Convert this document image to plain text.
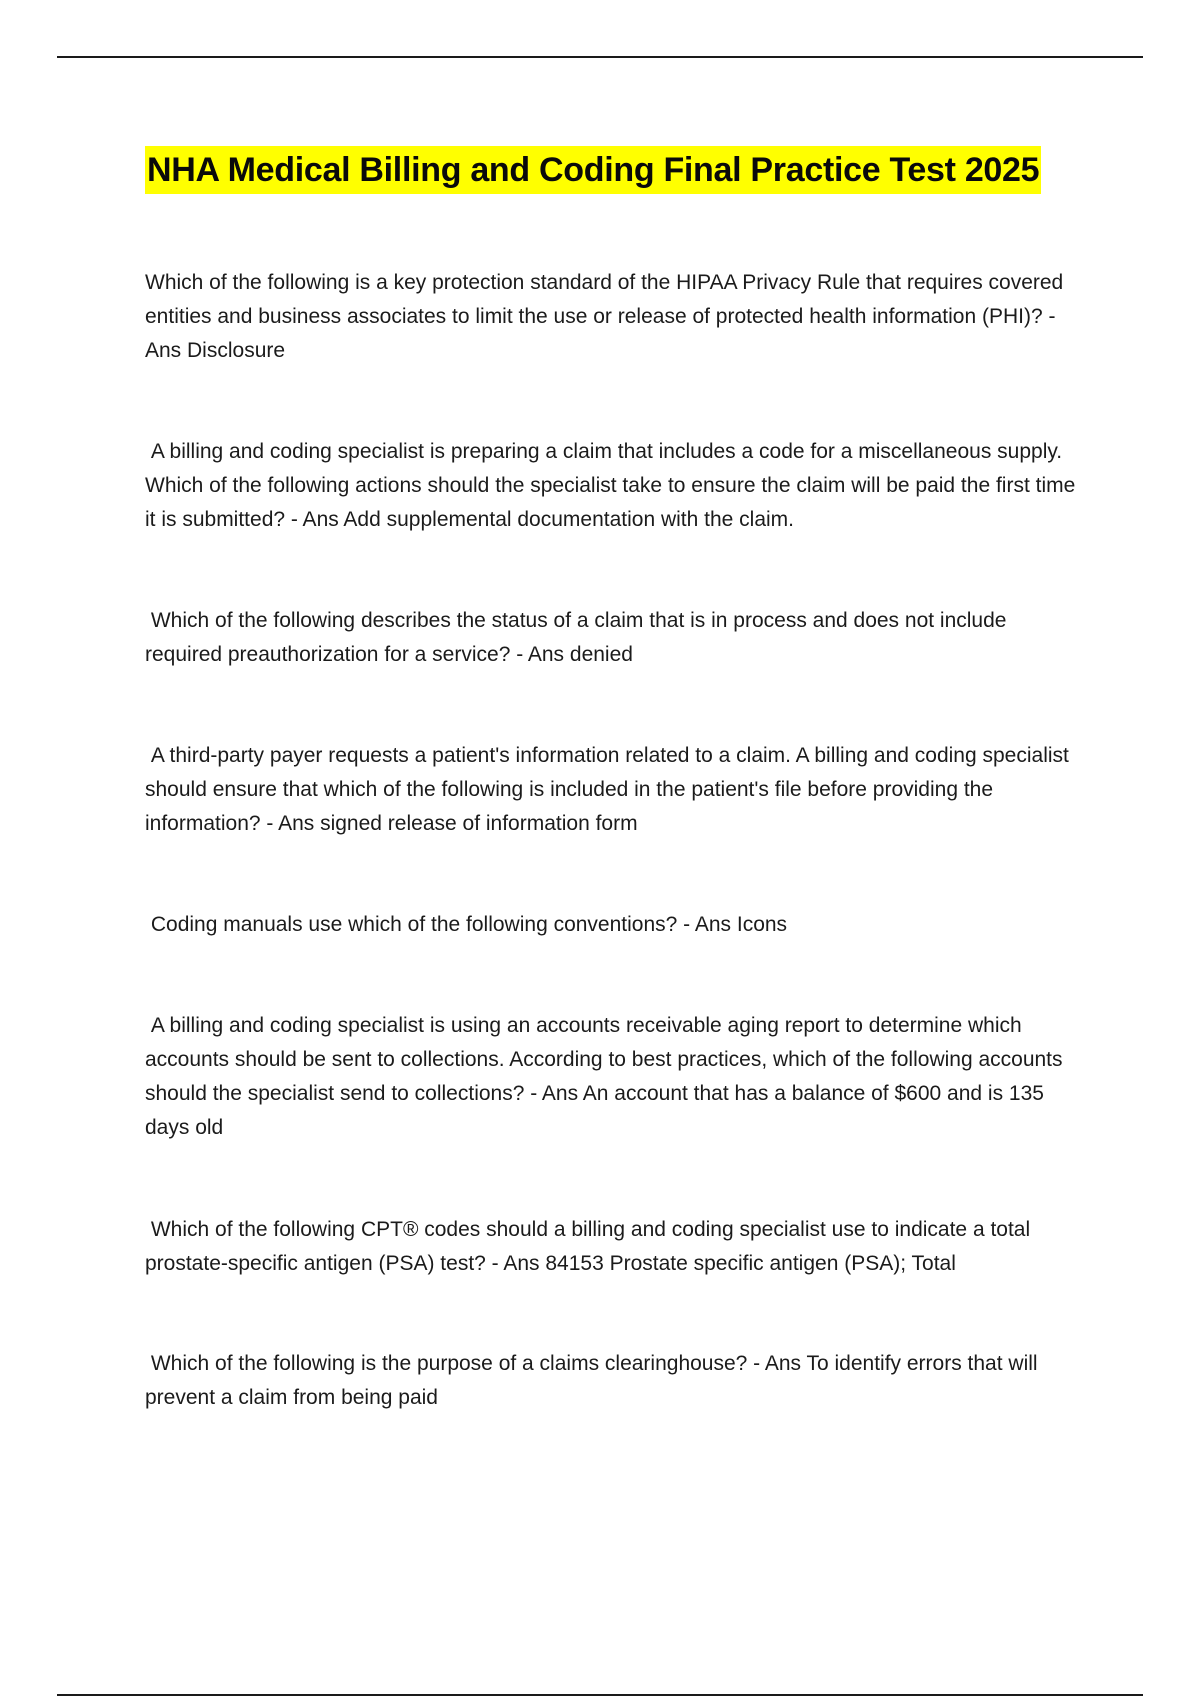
NHA Medical Billing and Coding Final Practice Test 2025

Which of the following is a key protection standard of the HIPAA Privacy Rule that requires covered entities and business associates to limit the use or release of protected health information (PHI)? - Ans Disclosure

A billing and coding specialist is preparing a claim that includes a code for a miscellaneous supply. Which of the following actions should the specialist take to ensure the claim will be paid the first time it is submitted? - Ans Add supplemental documentation with the claim.

Which of the following describes the status of a claim that is in process and does not include required preauthorization for a service? - Ans denied

A third-party payer requests a patient's information related to a claim. A billing and coding specialist should ensure that which of the following is included in the patient's file before providing the information? - Ans signed release of information form

Coding manuals use which of the following conventions? - Ans Icons

A billing and coding specialist is using an accounts receivable aging report to determine which accounts should be sent to collections. According to best practices, which of the following accounts should the specialist send to collections? - Ans An account that has a balance of $600 and is 135 days old

Which of the following CPT® codes should a billing and coding specialist use to indicate a total prostate-specific antigen (PSA) test? - Ans 84153 Prostate specific antigen (PSA); Total

Which of the following is the purpose of a claims clearinghouse? - Ans To identify errors that will prevent a claim from being paid
